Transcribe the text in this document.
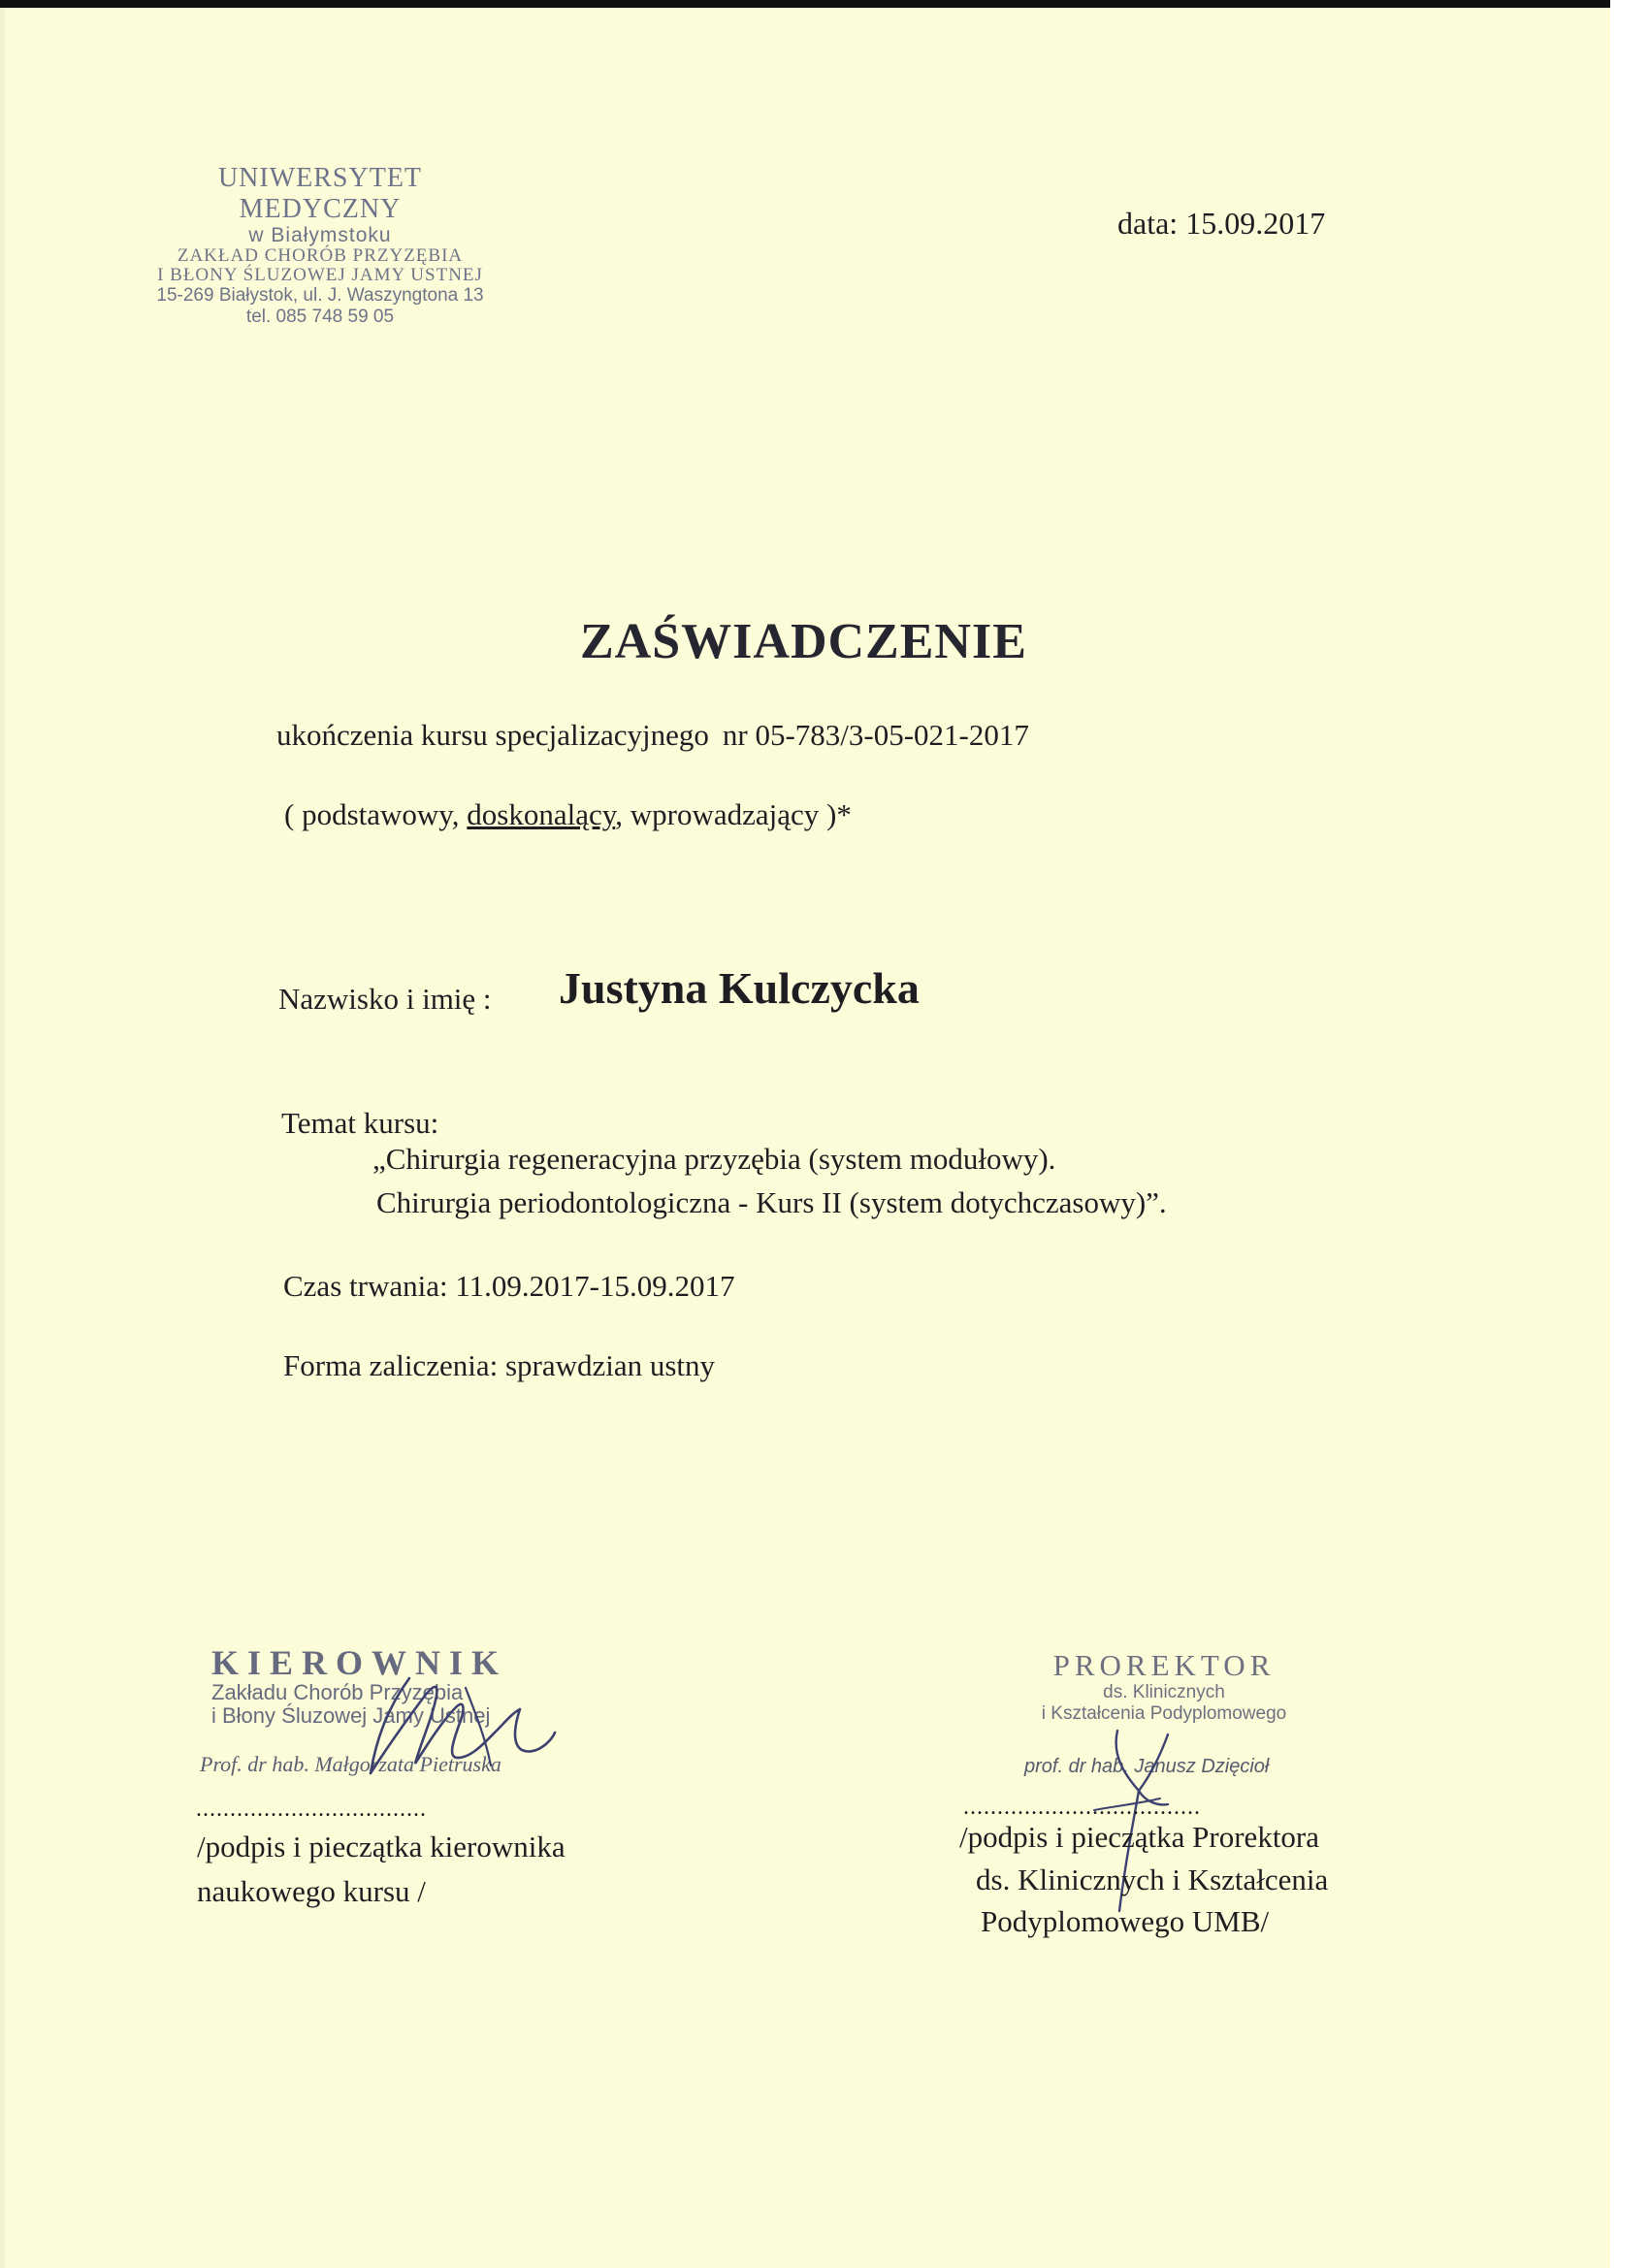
UNIWERSYTET MEDYCZNY
w Białymstoku
ZAKŁAD CHORÓB PRZYZĘBIA
I BŁONY ŚLUZOWEJ JAMY USTNEJ
15-269 Białystok, ul. J. Waszyngtona 13
tel. 085 748 59 05
data: 15.09.2017
ZAŚWIADCZENIE
ukończenia kursu specjalizacyjnego nr 05-783/3-05-021-2017
( podstawowy, doskonalący, wprowadzający )*
Nazwisko i imię : Justyna Kulczycka
Temat kursu:
„Chirurgia regeneracyjna przyzębia (system modułowy).
Chirurgia periodontologiczna - Kurs II (system dotychczasowy)”.
Czas trwania: 11.09.2017-15.09.2017
Forma zaliczenia: sprawdzian ustny
KIEROWNIK
Zakładu Chorób Przyzębia
i Błony Śluzowej Jamy Ustnej
Prof. dr hab. Małgorzata Pietruska
..................................
/podpis i pieczątka kierownika
naukowego kursu /
PROREKTOR
ds. Klinicznych
i Kształcenia Podyplomowego
prof. dr hab. Janusz Dzięcioł
...................................
/podpis i pieczątka Prorektora
ds. Klinicznych i Kształcenia
Podyplomowego UMB/
